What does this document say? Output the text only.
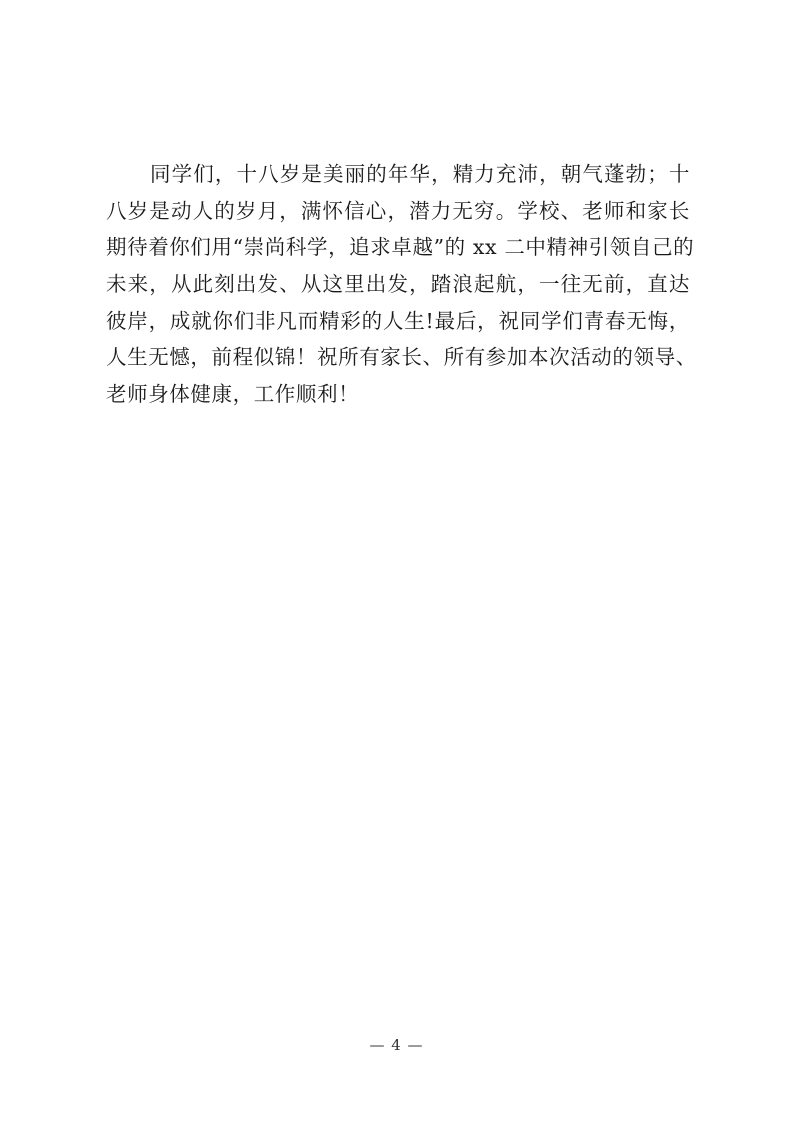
同学们，十八岁是美丽的年华，精力充沛，朝气蓬勃；十
八岁是动人的岁月，满怀信心，潜力无穷。学校、老师和家长
期待着你们用“崇尚科学，追求卓越”的 xx 二中精神引领自己的
未来，从此刻出发、从这里出发，踏浪起航，一往无前，直达
彼岸，成就你们非凡而精彩的人生!最后，祝同学们青春无悔，
人生无憾，前程似锦！祝所有家长、所有参加本次活动的领导、
老师身体健康，工作顺利！
— 4 —
